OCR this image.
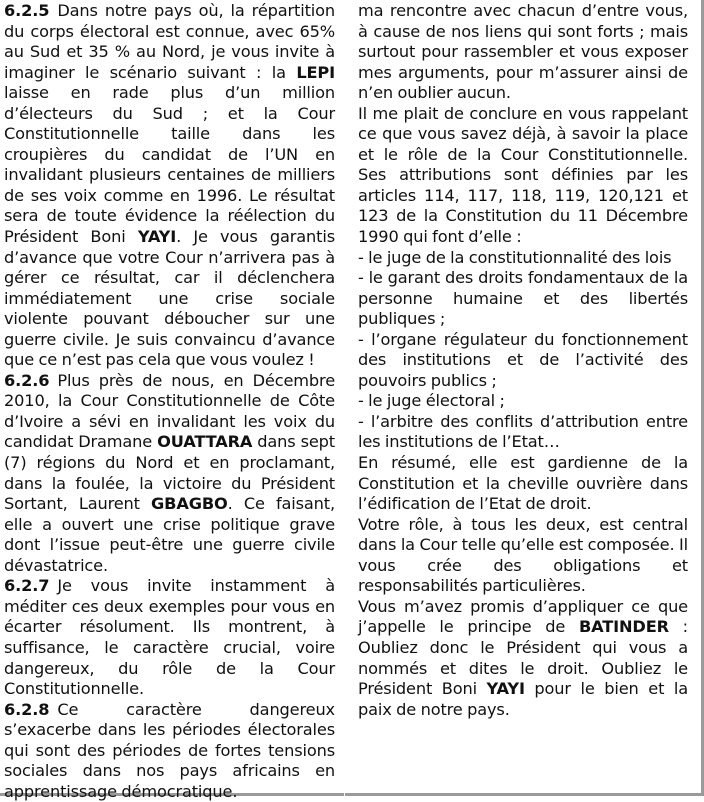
6.2.5 Dans notre pays où, la répartition du corps électoral est connue, avec 65% au Sud et 35 % au Nord, je vous invite à imaginer le scénario suivant : la LEPI laisse en rade plus d’un million d’électeurs du Sud ; et la Cour Constitutionnelle taille dans les croupières du candidat de l’UN en invalidant plusieurs centaines de milliers de ses voix comme en 1996. Le résultat sera de toute évidence la réélection du Président Boni YAYI. Je vous garantis d’avance que votre Cour n’arrivera pas à gérer ce résultat, car il déclenchera immédiatement une crise sociale violente pouvant déboucher sur une guerre civile. Je suis convaincu d’avance que ce n’est pas cela que vous voulez !

6.2.6 Plus près de nous, en Décembre 2010, la Cour Constitutionnelle de Côte d’Ivoire a sévi en invalidant les voix du candidat Dramane OUATTARA dans sept (7) régions du Nord et en proclamant, dans la foulée, la victoire du Président Sortant, Laurent GBAGBO. Ce faisant, elle a ouvert une crise politique grave dont l’issue peut-être une guerre civile dévastatrice.

6.2.7 Je vous invite instamment à méditer ces deux exemples pour vous en écarter résolument. Ils montrent, à suffisance, le caractère crucial, voire dangereux, du rôle de la Cour Constitutionnelle.

6.2.8 Ce caractère dangereux s’exacerbe dans les périodes électorales qui sont des périodes de fortes tensions sociales dans nos pays africains en apprentissage démocratique.

ma rencontre avec chacun d’entre vous, à cause de nos liens qui sont forts ; mais surtout pour rassembler et vous exposer mes arguments, pour m’assurer ainsi de n’en oublier aucun.

Il me plait de conclure en vous rappelant ce que vous savez déjà, à savoir la place et le rôle de la Cour Constitutionnelle. Ses attributions sont définies par les articles 114, 117, 118, 119, 120,121 et 123 de la Constitution du 11 Décembre 1990 qui font d’elle :

- le juge de la constitutionnalité des lois

- le garant des droits fondamentaux de la personne humaine et des libertés publiques ;

- l’organe régulateur du fonctionnement des institutions et de l’activité des pouvoirs publics ;

- le juge électoral ;

- l’arbitre des conflits d’attribution entre les institutions de l’Etat…

En résumé, elle est gardienne de la Constitution et la cheville ouvrière dans l’édification de l’Etat de droit.

Votre rôle, à tous les deux, est central dans la Cour telle qu’elle est composée. Il vous crée des obligations et responsabilités particulières.

Vous m’avez promis d’appliquer ce que j’appelle le principe de BATINDER : Oubliez donc le Président qui vous a nommés et dites le droit. Oubliez le Président Boni YAYI pour le bien et la paix de notre pays.
